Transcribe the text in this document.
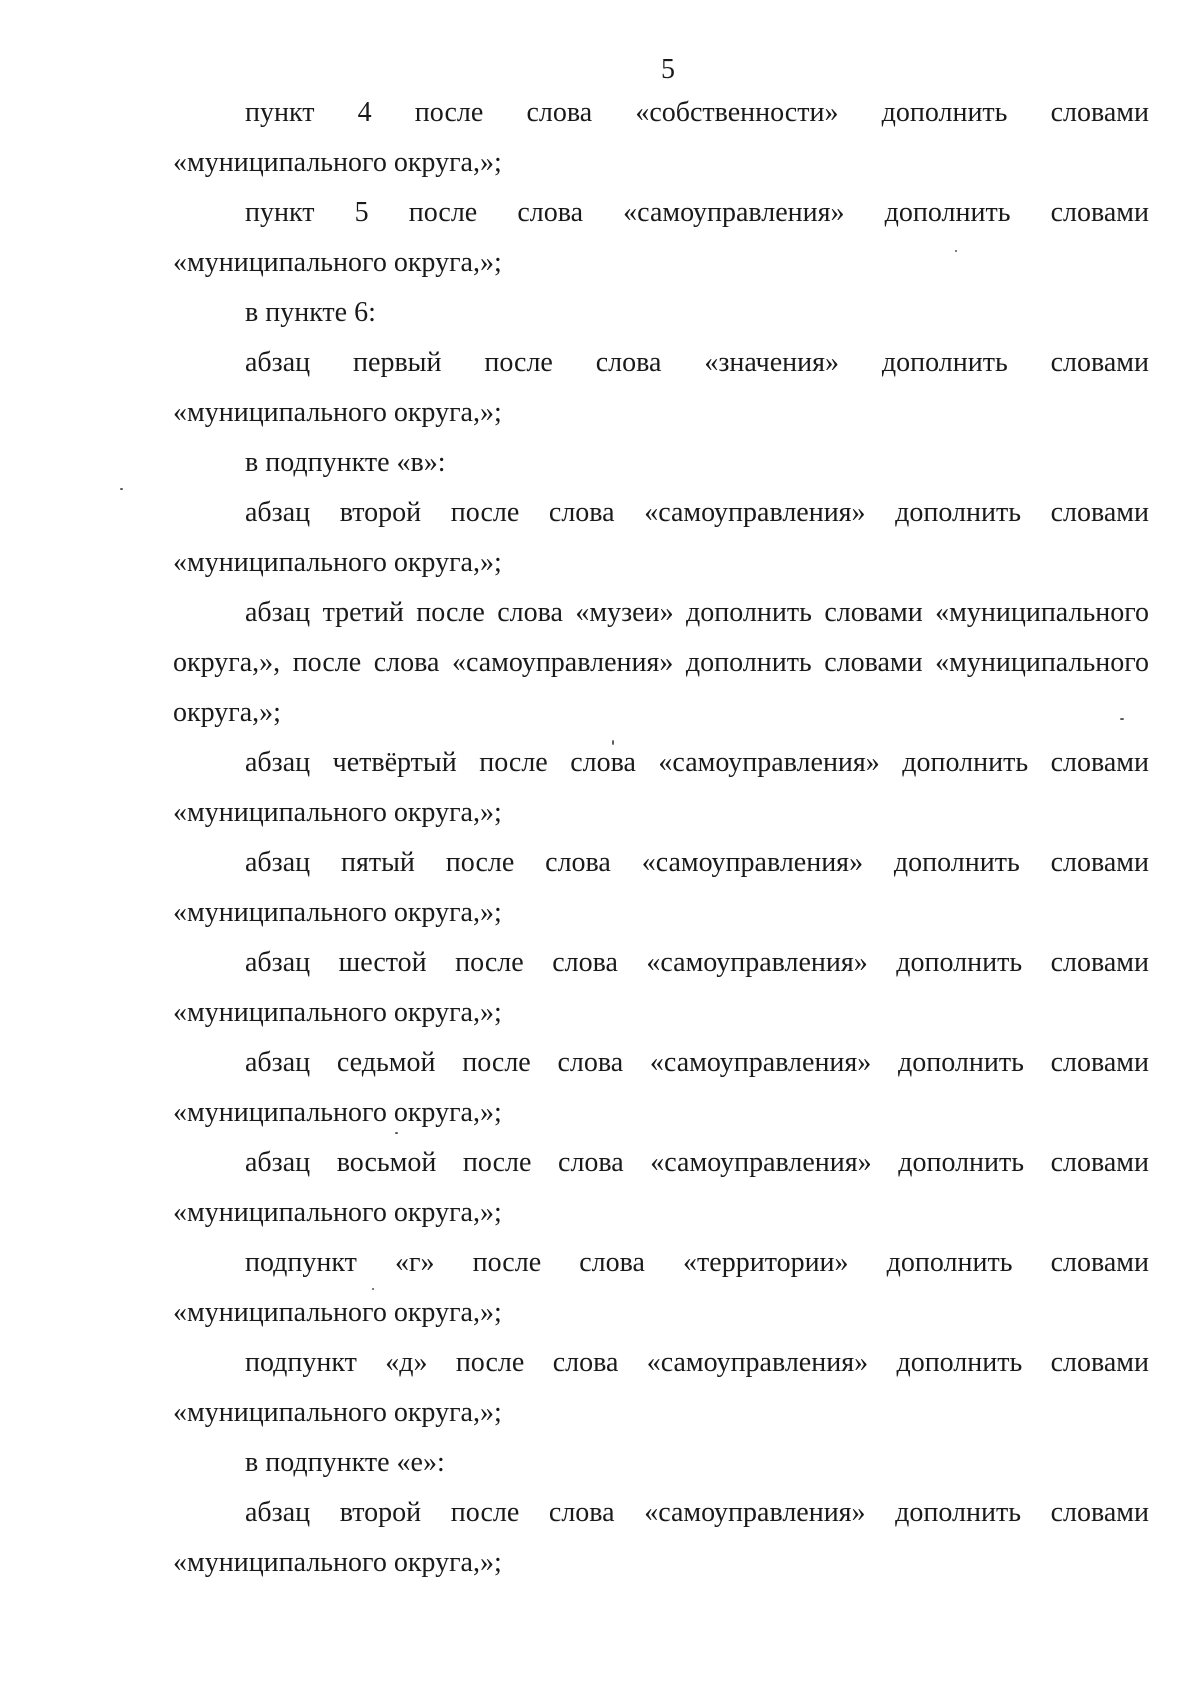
5

пункт 4 после слова «собственности» дополнить словами «муниципального округа,»;

пункт 5 после слова «самоуправления» дополнить словами «муниципального округа,»;

в пункте 6:

абзац первый после слова «значения» дополнить словами «муниципального округа,»;

в подпункте «в»:

абзац второй после слова «самоуправления» дополнить словами «муниципального округа,»;

абзац третий после слова «музеи» дополнить словами «муниципального округа,», после слова «самоуправления» дополнить словами «муниципального округа,»;

абзац четвёртый после слова «самоуправления» дополнить словами «муниципального округа,»;

абзац пятый после слова «самоуправления» дополнить словами «муниципального округа,»;

абзац шестой после слова «самоуправления» дополнить словами «муниципального округа,»;

абзац седьмой после слова «самоуправления» дополнить словами «муниципального округа,»;

абзац восьмой после слова «самоуправления» дополнить словами «муниципального округа,»;

подпункт «г» после слова «территории» дополнить словами «муниципального округа,»;

подпункт «д» после слова «самоуправления» дополнить словами «муниципального округа,»;

в подпункте «е»:

абзац второй после слова «самоуправления» дополнить словами «муниципального округа,»;
